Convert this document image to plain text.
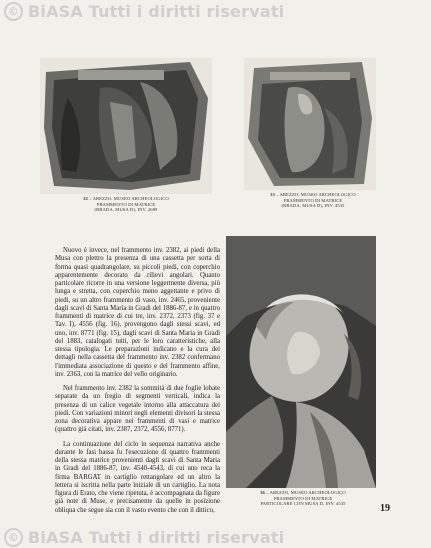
© BiASA Tutti i diritti riservati
32 – AREZZO, MUSEO ARCHEOLOGICO
FRAMMENTO DI MATRICE
(BRADA, MUSA D), INV. 2689
33 – AREZZO, MUSEO ARCHEOLOGICO
FRAMMENTO DI MATRICE
(BRADA, MUSA D), INV. 4535

Nuovo è invece, nel frammento inv. 2382, ai piedi della Musa con plettro la presenza di una cassetta per sorta di forma quasi quadrangolare, su piccoli piedi, con coperchio apparentemente decorato da rilievi angolari. Quanto particolare ricorre in una versione leggermente diversa, più lunga e stretta, con coperchio meno aggettante e privo di piedi, su un altro frammento di vaso, inv. 2465, proveniente dagli scavi di Santa Maria in Gradi del 1886-87, e in quattro frammenti di matrice di cui tre, inv. 2372, 2373 (fig. 37 e Tav. I), 4556 (fig. 16), provengono dagli stessi scavi, ed uno, inv. 8771 (fig. 15), dagli scavi di Santa Maria in Gradi del 1883, catalogati tutti, per le loro caratteristiche, alla stessa tipologia. Le preparazioni indicano e la cura dei dettagli nella cassetta del frammento inv. 2382 confermano l'immediata associazione di questo e del frammento affine, inv. 2363, con la matrice del vello originario.

Nel frammento inv. 2382 la sommità di due foglie lobate separate da un fregio di segmenti verticali, indica la presenza di un calice vegetale intorno alla attaccatura dei piedi. Con variazioni minori negli elementi divisori la stessa zona decorativa appare nei frammenti di vasi e matrice (quattro già citati, inv. 2387, 2372, 4556, 8771).

La continuazione del ciclo in sequenza narrativa anche durante le fasi bassa fu l'esecuzione di quattro frammenti della stessa matrice provenienti dagli scavi di Santa Maria in Gradi del 1886-87, inv. 4540-4543, di cui uno reca la firma BARGAT in cartiglio rettangolare ed un altro la lettera si iscritta nella parte iniziale di un cartiglio. La nota figura di Erato, che viene ripetuta, è accompagnata da figure già note di Muse, e precisamente da quelle in posizione obliqua che segue sia con il vasto evento che con il dittico,

36 – AREZZO, MUSEO ARCHEOLOGICO
FRAMMENTO DI MATRICE
PARTICOLARE CON MUSA D, INV. 4535	19
© BiASA Tutti i diritti riservati
